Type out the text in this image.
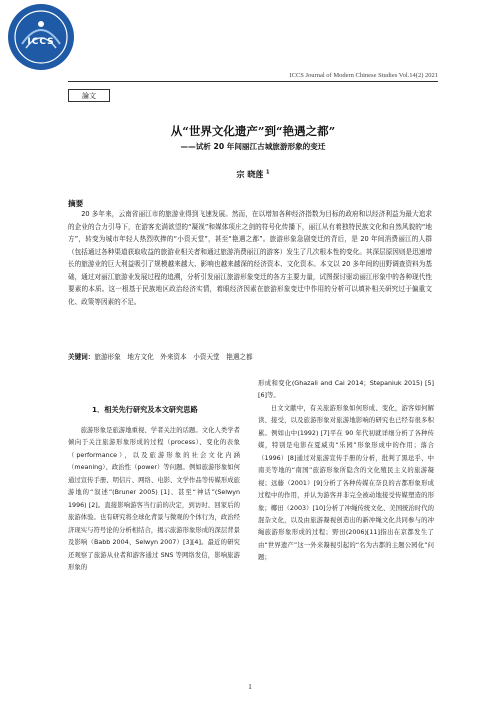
ICCS
ICCS Journal of Modern Chinese Studies Vol.14(2) 2021
論文
从“世界文化遗产”到“艳遇之都”
——试析 20 年间丽江古城旅游形象的变迁
宗 晓莲 $^1$
摘要
20 多年来，云南省丽江市的旅游业得到飞速发展。然而，在以增加各种经济指数为目标的政府和以经济利益为最大追求的企业的合力引导下，在游客充满欲望的“凝视”和媒体项庄之剑的符号化传播下，丽江从有着独特民族文化和自然风貌的“地方”，转变为城市年轻人热烈吹捧的“小资天堂”，甚至“艳遇之都”。旅游形象急剧变迁的背后，是 20 年间消费丽江的人群（包括通过各种渠道获取收益的旅游业相关者和通过旅游消费丽江的游客）发生了几次根本性的变化。其深层原因则是迅速增长的旅游业的巨大利益吸引了规模越来越大、影响也越来越深的经济资本、文化资本。本文以 20 多年间的田野调查资料为基础，通过对丽江旅游业发展过程的追溯，分析引发丽江旅游形象变迁的各方主要力量，试图探讨驱动丽江形象中的各种现代性要素的本质。这一根基于民族地区政治经济实情，着眼经济因素在旅游形象变迁中作用的分析可以填补相关研究过于偏重文化、政策等因素的不足。
关键词：旅游形象　地方文化　外来资本　小资天堂　艳遇之都
1．相关先行研究及本文研究思路

旅游形象是旅游地重视、学者关注的话题。文化人类学者倾向于关注旅游形象形成的过程（process）、变化的表象（performance），以及旅游形象的社会文化内涵（meaning）、政治性（power）等问题。例如旅游形象如何通过宣传手册、明信片、网络、电影、文学作品等传媒形成旅游地的“叙述”(Bruner 2005) [1]、甚至“神话”(Selwyn 1996) [2]。直接影响游客当行前的决定，到访时、回家后的旅游体验。也有研究将全球化背景与微观的个体行为，政治经济现实与符号论的分析相结合，揭示旅游形象形成的深层背景及影响（Babb 2004、Selwyn 2007）[3][4]。最近的研究还观察了旅游从业者和游客通过 SNS 等网络发信，影响旅游形象的

形成和变化(Ghazali and Cai 2014；Stepaniuk 2015) [5][6]等。

日文文献中，有关旅游形象如何形成、变化，游客如何解读、接受，以及旅游形象对旅游地影响的研究也已经有很多积累。例如山中(1992) [7]平在 90 年代初就详细分析了各种传媒，特别是电影在夏威夷“乐园”形象形成中的作用；落合（1996）[8]通过对旅游宣传手册的分析，批判了黑珐乎、中南美等地的“南国”旅游形象所隐含的文化殖民主义的旅游凝视；远藤（2001）[9]分析了各种传媒在奈良的古都形象形成过程中的作用，并认为游客并非完全被动地接受传媒塑造的形象；椰田（2003）[10]分析了冲绳传统文化、美国统治时代的混杂文化，以及由旅游凝视创造出的新冲绳文化共同参与的冲绳旅游形象形成的过程；野田(2006)[11]指出在京都发生了由“世界遗产”这一外来凝视引起的“名为古都的主题公园化”问题；

1
